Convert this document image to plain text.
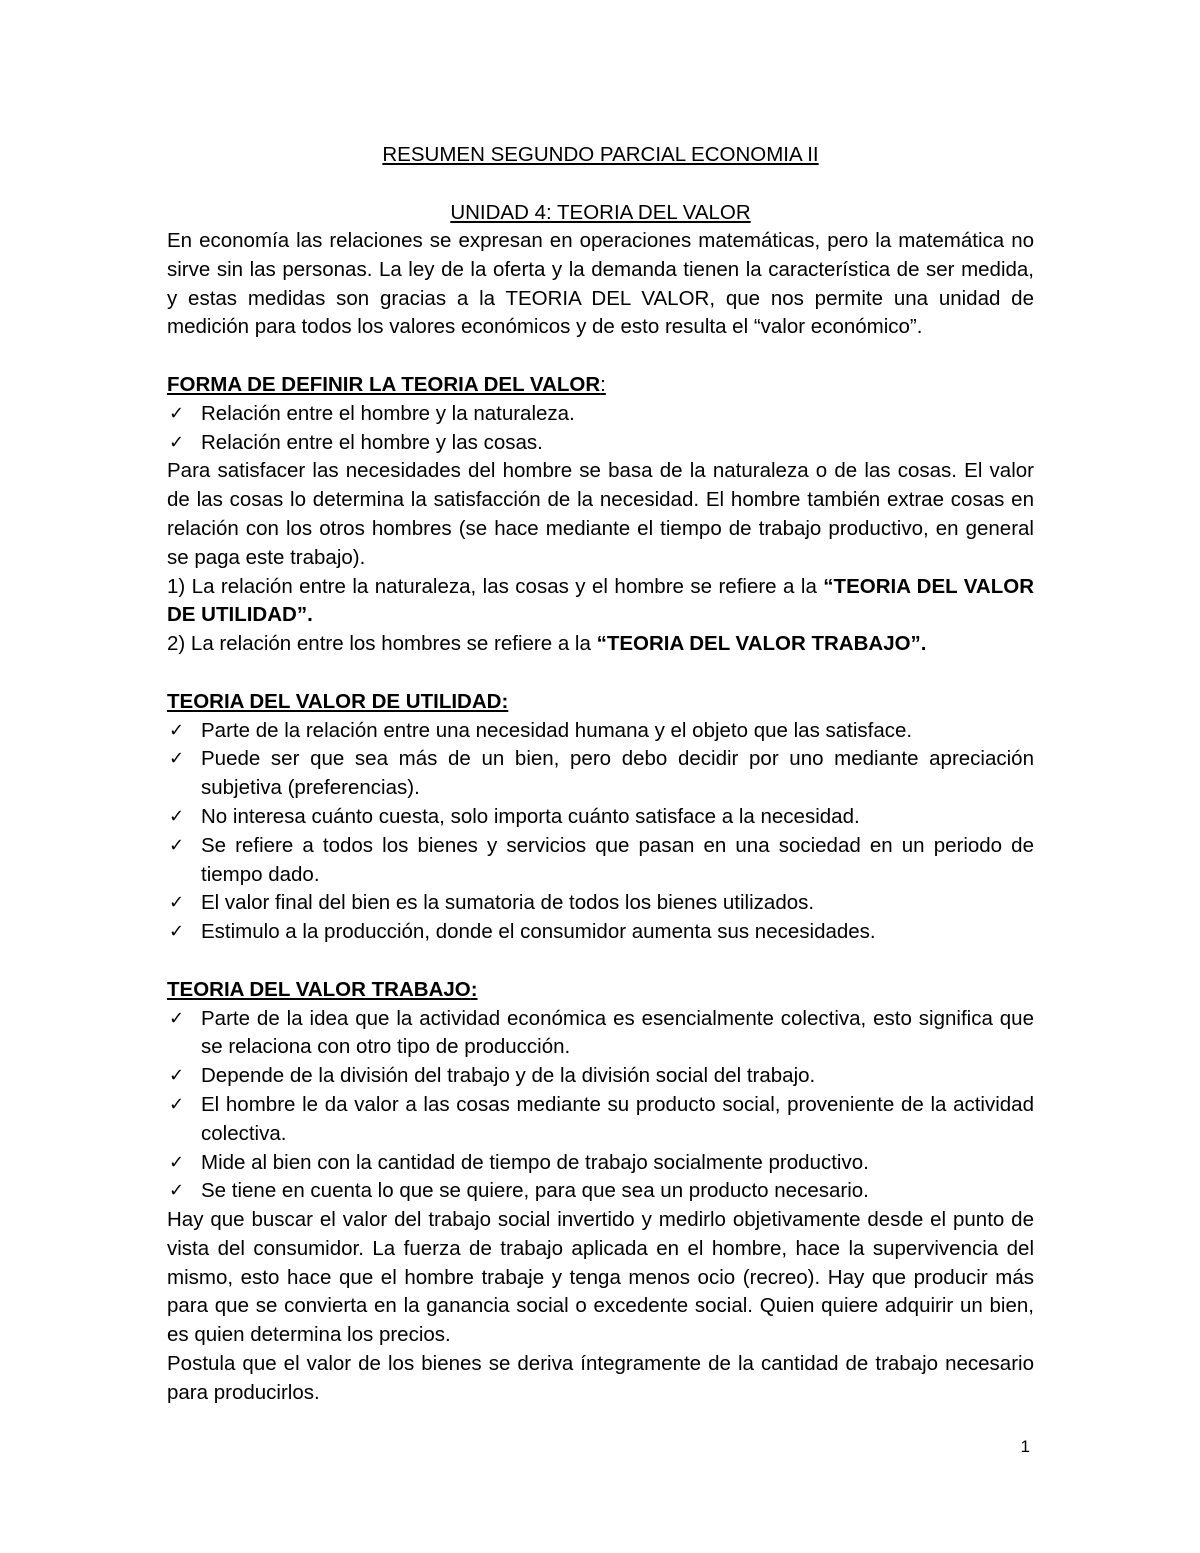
RESUMEN SEGUNDO PARCIAL ECONOMIA II
UNIDAD 4: TEORIA DEL VALOR

En economía las relaciones se expresan en operaciones matemáticas, pero la matemática no sirve sin las personas. La ley de la oferta y la demanda tienen la característica de ser medida, y estas medidas son gracias a la TEORIA DEL VALOR, que nos permite una unidad de medición para todos los valores económicos y de esto resulta el “valor económico”.

FORMA DE DEFINIR LA TEORIA DEL VALOR:
✓ Relación entre el hombre y la naturaleza.
✓ Relación entre el hombre y las cosas.

Para satisfacer las necesidades del hombre se basa de la naturaleza o de las cosas. El valor de las cosas lo determina la satisfacción de la necesidad. El hombre también extrae cosas en relación con los otros hombres (se hace mediante el tiempo de trabajo productivo, en general se paga este trabajo).

1) La relación entre la naturaleza, las cosas y el hombre se refiere a la “TEORIA DEL VALOR DE UTILIDAD”.

2) La relación entre los hombres se refiere a la “TEORIA DEL VALOR TRABAJO”.

TEORIA DEL VALOR DE UTILIDAD:
✓ Parte de la relación entre una necesidad humana y el objeto que las satisface.
✓ Puede ser que sea más de un bien, pero debo decidir por uno mediante apreciación subjetiva (preferencias).
✓ No interesa cuánto cuesta, solo importa cuánto satisface a la necesidad.
✓ Se refiere a todos los bienes y servicios que pasan en una sociedad en un periodo de tiempo dado.
✓ El valor final del bien es la sumatoria de todos los bienes utilizados.
✓ Estimulo a la producción, donde el consumidor aumenta sus necesidades.
TEORIA DEL VALOR TRABAJO:
✓ Parte de la idea que la actividad económica es esencialmente colectiva, esto significa que se relaciona con otro tipo de producción.
✓ Depende de la división del trabajo y de la división social del trabajo.
✓ El hombre le da valor a las cosas mediante su producto social, proveniente de la actividad colectiva.
✓ Mide al bien con la cantidad de tiempo de trabajo socialmente productivo.
✓ Se tiene en cuenta lo que se quiere, para que sea un producto necesario.

Hay que buscar el valor del trabajo social invertido y medirlo objetivamente desde el punto de vista del consumidor. La fuerza de trabajo aplicada en el hombre, hace la supervivencia del mismo, esto hace que el hombre trabaje y tenga menos ocio (recreo). Hay que producir más para que se convierta en la ganancia social o excedente social. Quien quiere adquirir un bien, es quien determina los precios.

Postula que el valor de los bienes se deriva íntegramente de la cantidad de trabajo necesario para producirlos.

1
